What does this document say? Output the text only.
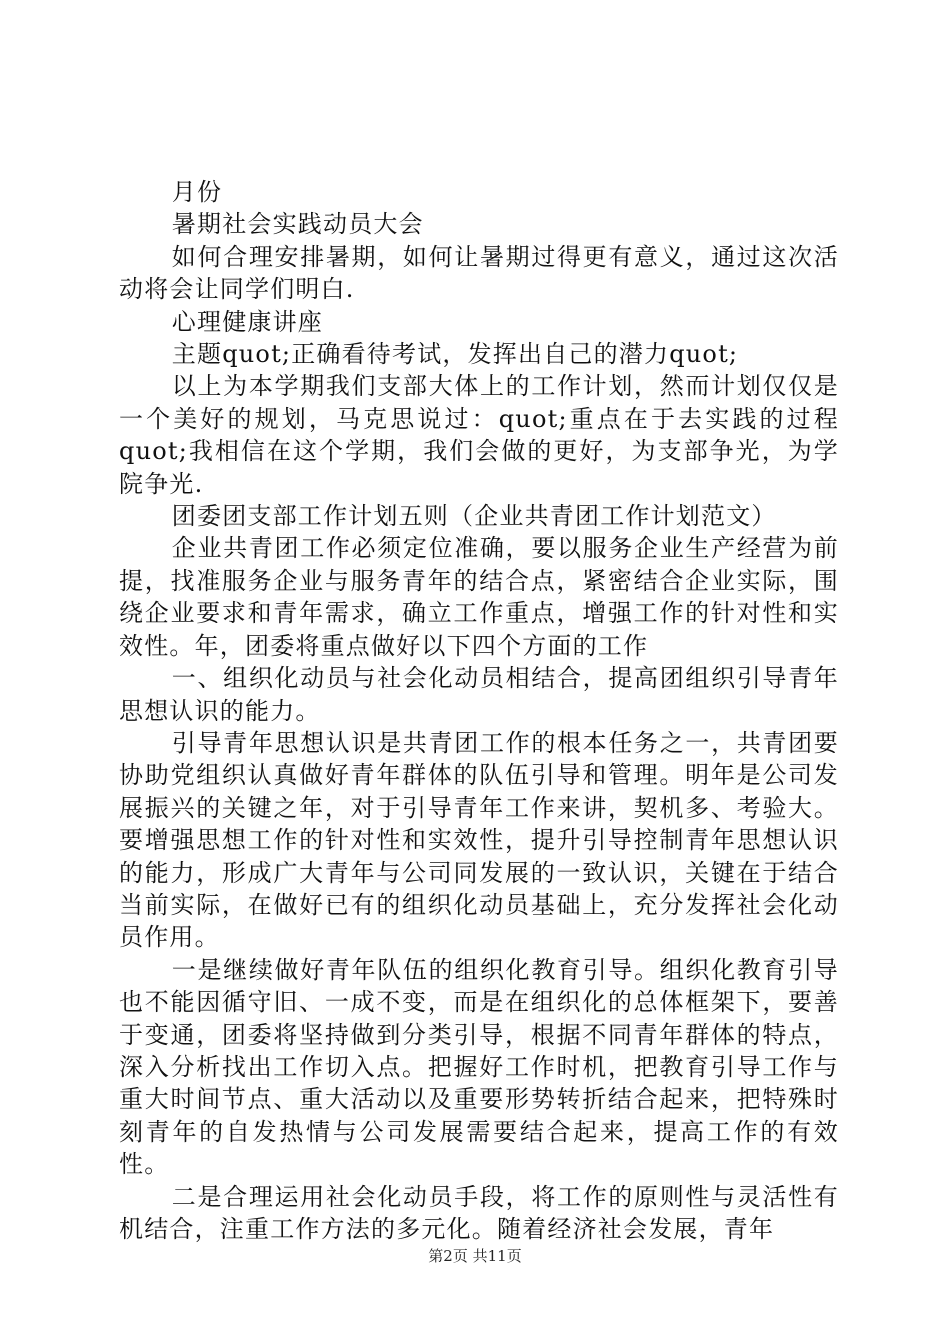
月份

暑期社会实践动员大会

如何合理安排暑期，如何让暑期过得更有意义，通过这次活动将会让同学们明白.

心理健康讲座

主题quot;正确看待考试，发挥出自己的潜力quot;

以上为本学期我们支部大体上的工作计划，然而计划仅仅是一个美好的规划，马克思说过：quot;重点在于去实践的过程quot;我相信在这个学期，我们会做的更好，为支部争光，为学院争光.

团委团支部工作计划五则（企业共青团工作计划范文）

企业共青团工作必须定位准确，要以服务企业生产经营为前提，找准服务企业与服务青年的结合点，紧密结合企业实际，围绕企业要求和青年需求，确立工作重点，增强工作的针对性和实效性。年，团委将重点做好以下四个方面的工作

一、组织化动员与社会化动员相结合，提高团组织引导青年思想认识的能力。

引导青年思想认识是共青团工作的根本任务之一，共青团要协助党组织认真做好青年群体的队伍引导和管理。明年是公司发展振兴的关键之年，对于引导青年工作来讲，契机多、考验大。要增强思想工作的针对性和实效性，提升引导控制青年思想认识的能力，形成广大青年与公司同发展的一致认识，关键在于结合当前实际，在做好已有的组织化动员基础上，充分发挥社会化动员作用。

一是继续做好青年队伍的组织化教育引导。组织化教育引导也不能因循守旧、一成不变，而是在组织化的总体框架下，要善于变通，团委将坚持做到分类引导，根据不同青年群体的特点，深入分析找出工作切入点。把握好工作时机，把教育引导工作与重大时间节点、重大活动以及重要形势转折结合起来，把特殊时刻青年的自发热情与公司发展需要结合起来，提高工作的有效性。

二是合理运用社会化动员手段，将工作的原则性与灵活性有机结合，注重工作方法的多元化。随着经济社会发展，青年

第2页 共11页
